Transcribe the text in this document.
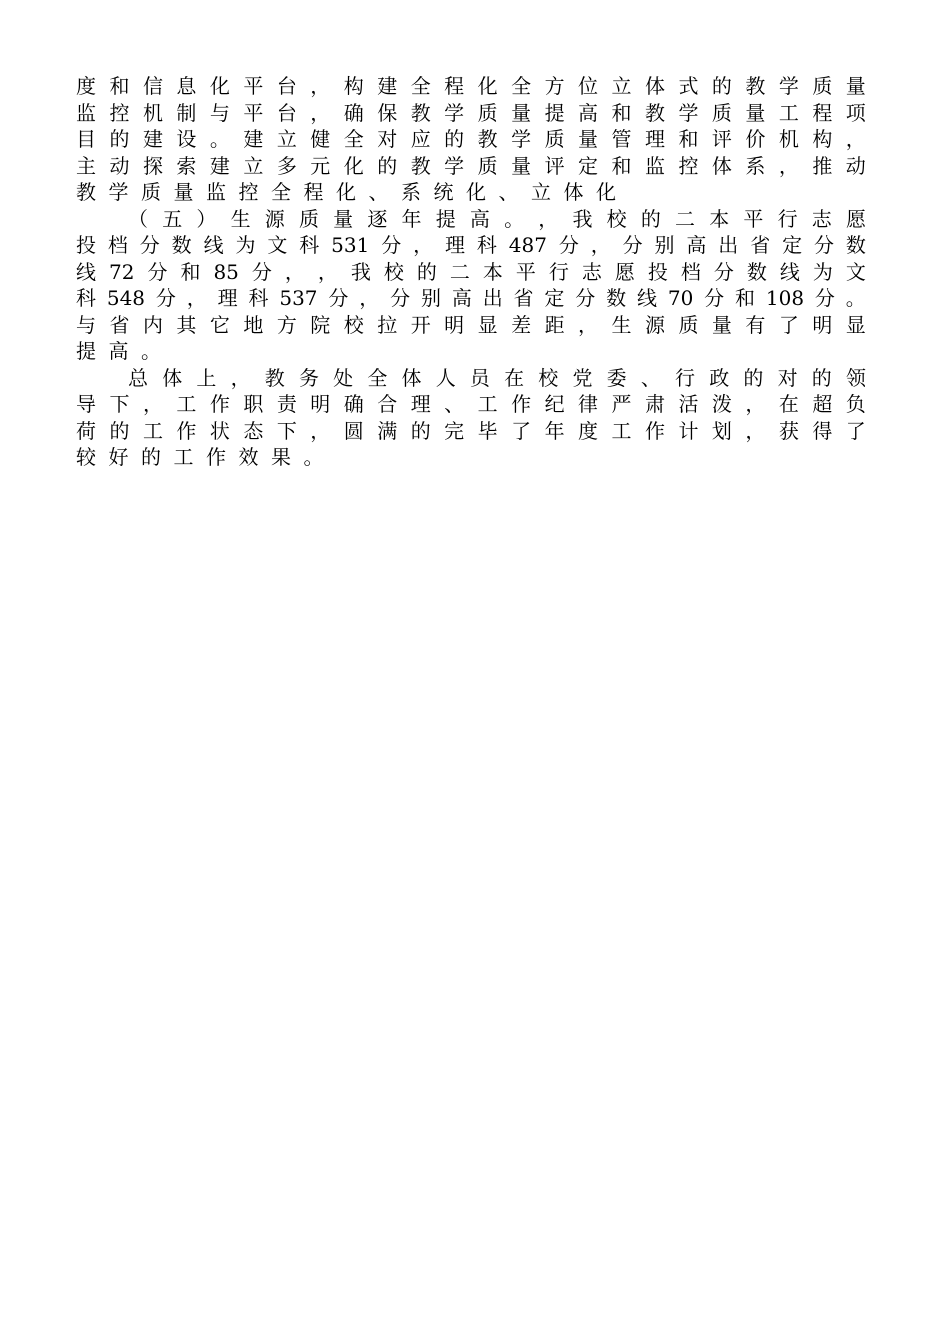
度 和 信 息 化 平 台 ， 构 建 全 程 化 全 方 位 立 体 式 的 教 学 质 量
监 控 机 制 与 平 台 ， 确 保 教 学 质 量 提 高 和 教 学 质 量 工 程 项
目 的 建 设 。 建 立 健 全 对 应 的 教 学 质 量 管 理 和 评 价 机 构 ，
主 动 探 索 建 立 多 元 化 的 教 学 质 量 评 定 和 监 控 体 系 ， 推 动
教 学 质 量 监 控 全 程 化 、 系 统 化 、 立 体 化
（ 五 ） 生 源 质 量 逐 年 提 高 。 ， 我 校 的 二 本 平 行 志 愿
投 档 分 数 线 为 文 科 531 分 ， 理 科 487 分 ， 分 别 高 出 省 定 分 数
线 72 分 和 85 分 ， ， 我 校 的 二 本 平 行 志 愿 投 档 分 数 线 为 文
科 548 分 ， 理 科 537 分 ， 分 别 高 出 省 定 分 数 线 70 分 和 108 分 。
与 省 内 其 它 地 方 院 校 拉 开 明 显 差 距 ， 生 源 质 量 有 了 明 显
提 高 。
总 体 上 ， 教 务 处 全 体 人 员 在 校 党 委 、 行 政 的 对 的 领
导 下 ， 工 作 职 责 明 确 合 理 、 工 作 纪 律 严 肃 活 泼 ， 在 超 负
荷 的 工 作 状 态 下 ， 圆 满 的 完 毕 了 年 度 工 作 计 划 ， 获 得 了
较 好 的 工 作 效 果 。
